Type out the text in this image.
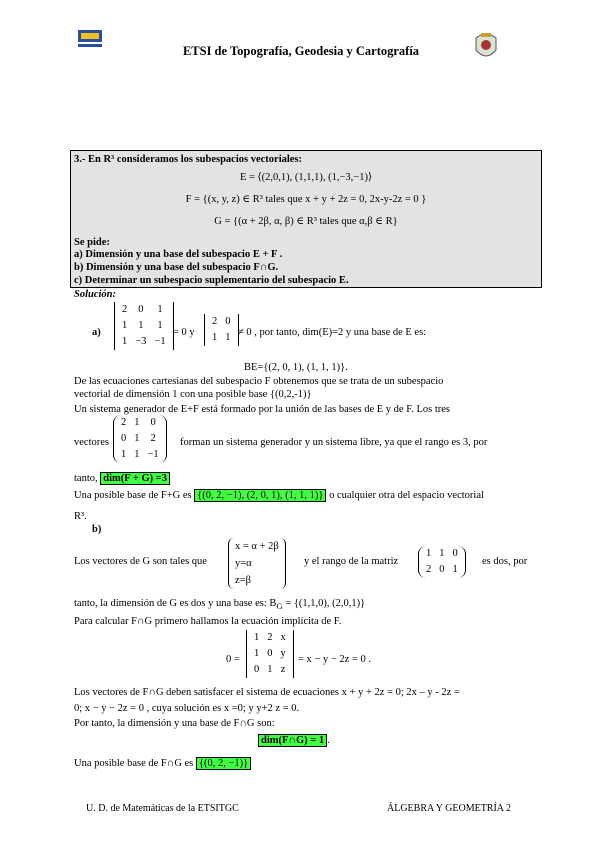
ETSI de Topografía, Geodesia y Cartografía
3.- En R³ consideramos los subespacios vectoriales:
E = ⟨(2,0,1), (1,1,1), (1,−3,−1)⟩
F = {(x, y, z) ∈ R³ tales que x + y + 2z = 0, 2x-y-2z = 0 }
G = {(α + 2β, α, β) ∈ R³ tales que α,β ∈ R}
Se pide:
a) Dimensión y una base del subespacio E + F .
b) Dimensión y una base del subespacio F∩G.
c) Determinar un subespacio suplementario del subespacio E.
Solución:
a)
2	0	1
1	1	1
1	−3	−1
= 0 y
2	0
1	1 ≠ 0 , por tanto, dim(E)=2 y una base de E es:
BE={(2, 0, 1), (1, 1, 1)}.
De las ecuaciones cartesianas del subespacio F obtenemos que se trata de un subespacio
vectorial de dimensión 1 con una posible base {(0,2,-1)}
Un sistema generador de E+F está formado por la unión de las bases de E y de F. Los tres
vectores
2	1	0
0	1	2
1	1	−1
forman un sistema generador y un sistema libre, ya que el rango es 3, por
tanto, dim(F + G) =3
Una posible base de F+G es {(0, 2, −1), (2, 0, 1), (1, 1, 1)} o cualquier otra del espacio vectorial
R³.
b)
Los vectores de G son tales que
x = α + 2β
y=α
z=β
y el rango de la matriz
1	1	0
2	0	1
es dos, por
tanto, la dimensión de G es dos y una base es: $B_G = \{(1,1,0)$, (2,0,1)}
Para calcular F∩G primero hallamos la ecuación implícita de F.
0 =
1	2	x
1	0	y
0	1	z
= x − y − 2z = 0 .
Los vectores de F∩G deben satisfacer el sistema de ecuaciones x + y + 2z = 0; 2x – y - 2z =
0; x − y − 2z = 0 , cuya solución es x =0; y y+2 z = 0.
Por tanto, la dimensión y una base de F∩G son:
dim(F∩G) = 1 .
Una posible base de F∩G es {(0, 2, −1)}
U. D. de Matemáticas de la ETSITGC	ÁLGEBRA Y GEOMETRÍA 2
